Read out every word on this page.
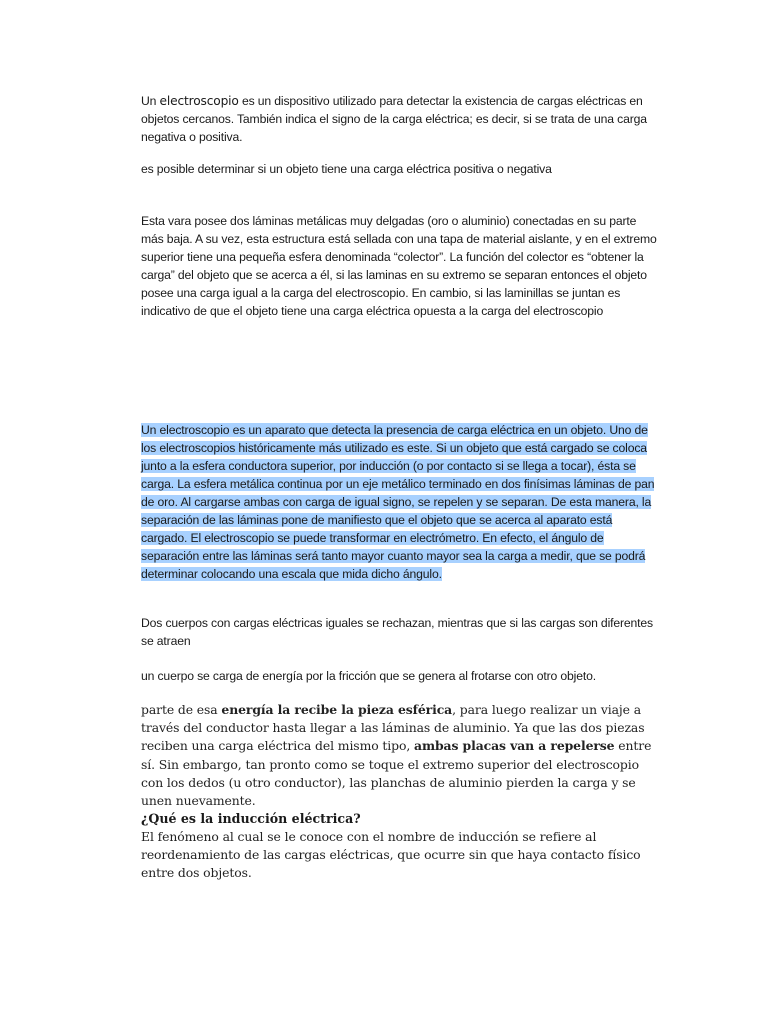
Un electroscopio es un dispositivo utilizado para detectar la existencia de cargas eléctricas en objetos cercanos. También indica el signo de la carga eléctrica; es decir, si se trata de una carga negativa o positiva.

es posible determinar si un objeto tiene una carga eléctrica positiva o negativa

Esta vara posee dos láminas metálicas muy delgadas (oro o aluminio) conectadas en su parte más baja. A su vez, esta estructura está sellada con una tapa de material aislante, y en el extremo superior tiene una pequeña esfera denominada “colector”. La función del colector es “obtener la carga” del objeto que se acerca a él, si las laminas en su extremo se separan entonces el objeto posee una carga igual a la carga del electroscopio. En cambio, si las laminillas se juntan es indicativo de que el objeto tiene una carga eléctrica opuesta a la carga del electroscopio

Un electroscopio es un aparato que detecta la presencia de carga eléctrica en un objeto. Uno de los electroscopios históricamente más utilizado es este. Si un objeto que está cargado se coloca junto a la esfera conductora superior, por inducción (o por contacto si se llega a tocar), ésta se carga. La esfera metálica continua por un eje metálico terminado en dos finísimas láminas de pan de oro. Al cargarse ambas con carga de igual signo, se repelen y se separan. De esta manera, la separación de las láminas pone de manifiesto que el objeto que se acerca al aparato está cargado. El electroscopio se puede transformar en electrómetro. En efecto, el ángulo de separación entre las láminas será tanto mayor cuanto mayor sea la carga a medir, que se podrá determinar colocando una escala que mida dicho ángulo.

Dos cuerpos con cargas eléctricas iguales se rechazan, mientras que si las cargas son diferentes se atraen

un cuerpo se carga de energía por la fricción que se genera al frotarse con otro objeto.

parte de esa energía la recibe la pieza esférica, para luego realizar un viaje a través del conductor hasta llegar a las láminas de aluminio. Ya que las dos piezas reciben una carga eléctrica del mismo tipo, ambas placas van a repelerse entre sí. Sin embargo, tan pronto como se toque el extremo superior del electroscopio con los dedos (u otro conductor), las planchas de aluminio pierden la carga y se unen nuevamente.

¿Qué es la inducción eléctrica?

El fenómeno al cual se le conoce con el nombre de inducción se refiere al reordenamiento de las cargas eléctricas, que ocurre sin que haya contacto físico entre dos objetos.
